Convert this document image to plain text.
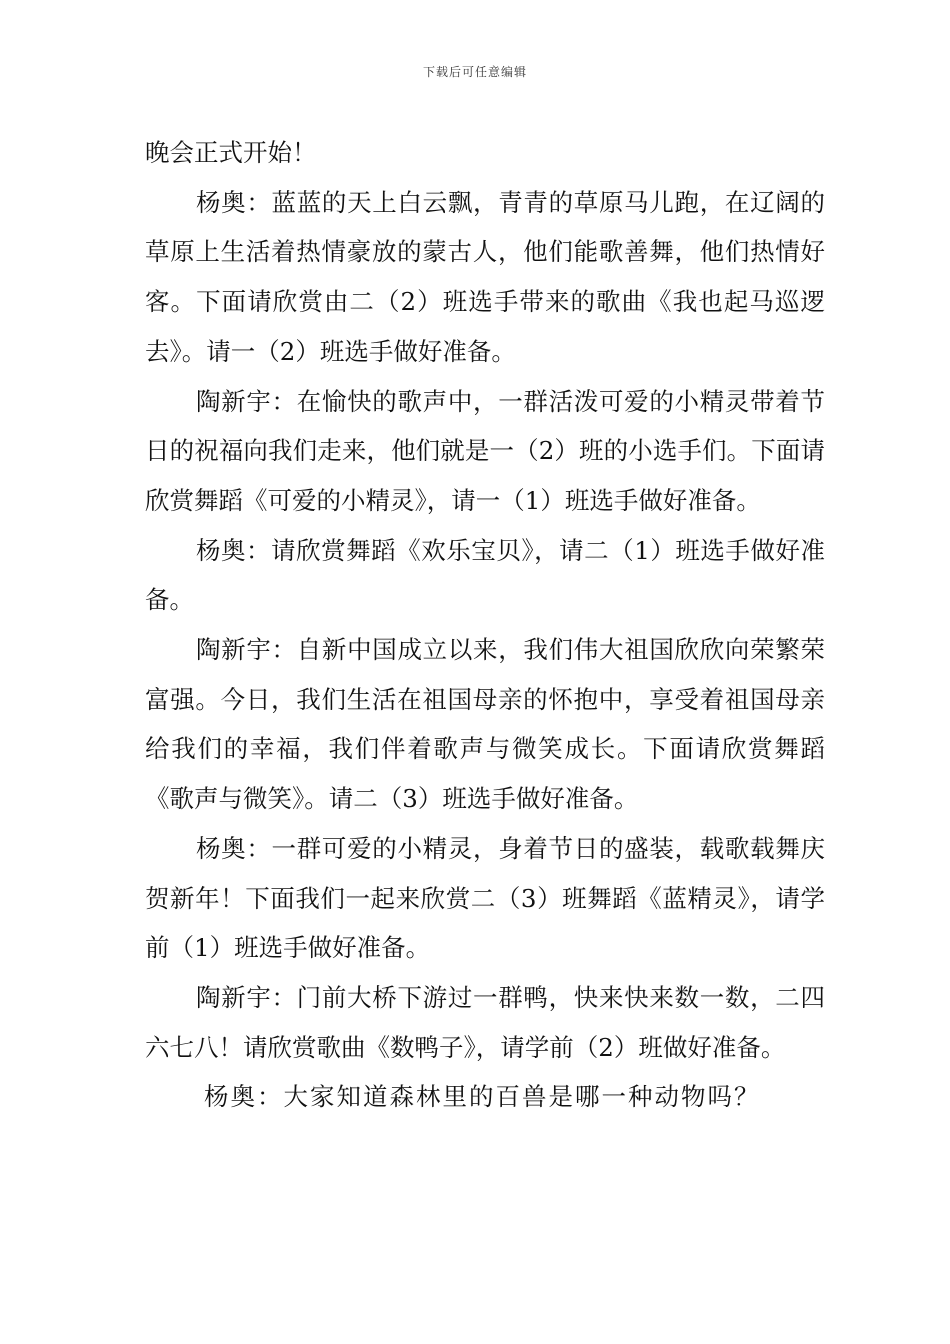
下载后可任意编辑

晚会正式开始！

杨奥：蓝蓝的天上白云飘，青青的草原马儿跑，在辽阔的草原上生活着热情豪放的蒙古人，他们能歌善舞，他们热情好客。下面请欣赏由二（2）班选手带来的歌曲《我也起马巡逻去》。请一（2）班选手做好准备。

陶新宇：在愉快的歌声中，一群活泼可爱的小精灵带着节日的祝福向我们走来，他们就是一（2）班的小选手们。下面请欣赏舞蹈《可爱的小精灵》，请一（1）班选手做好准备。

杨奥：请欣赏舞蹈《欢乐宝贝》，请二（1）班选手做好准备。

陶新宇：自新中国成立以来，我们伟大祖国欣欣向荣繁荣富强。今日，我们生活在祖国母亲的怀抱中，享受着祖国母亲给我们的幸福，我们伴着歌声与微笑成长。下面请欣赏舞蹈《歌声与微笑》。请二（3）班选手做好准备。

杨奥：一群可爱的小精灵，身着节日的盛装，载歌载舞庆贺新年！下面我们一起来欣赏二（3）班舞蹈《蓝精灵》，请学前（1）班选手做好准备。

陶新宇：门前大桥下游过一群鸭，快来快来数一数，二四六七八！请欣赏歌曲《数鸭子》，请学前（2）班做好准备。

杨奥：大家知道森林里的百兽是哪一种动物吗？
